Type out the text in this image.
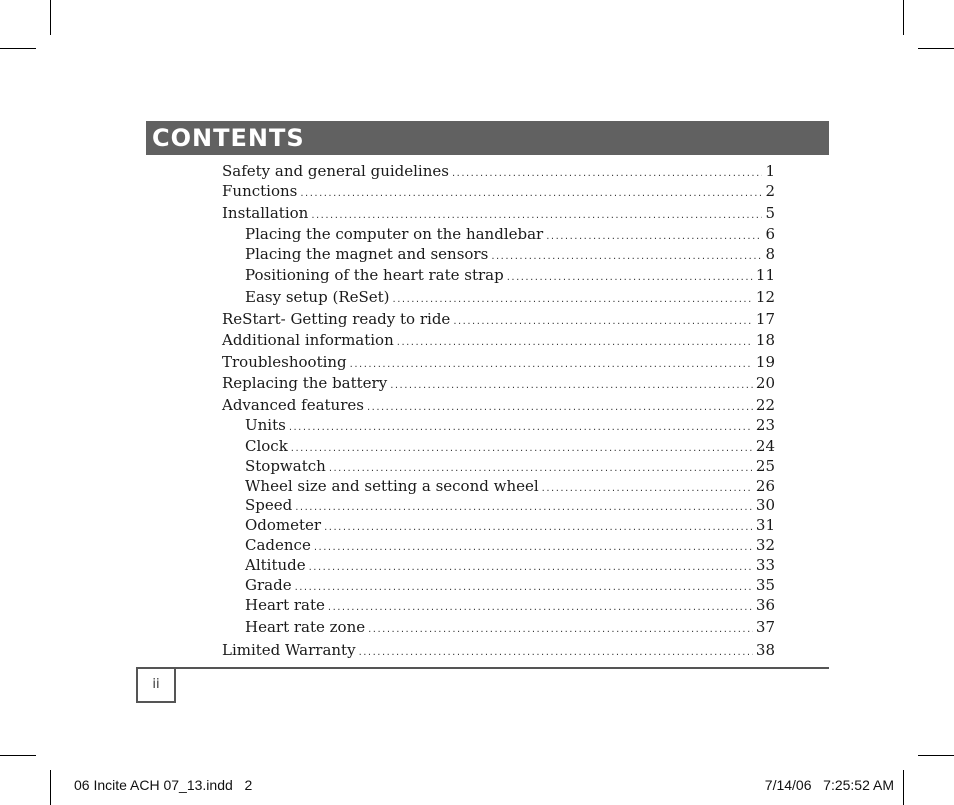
CONTENTS
Safety and general guidelines .....	1
Functions .....	2
Installation .....	5
Placing the computer on the handlebar .....	6
Placing the magnet and sensors .....	8
Positioning of the heart rate strap .....	11
Easy setup (ReSet) .....	12
ReStart- Getting ready to ride .....	17
Additional information .....	18
Troubleshooting .....	19
Replacing the battery .....	20
Advanced features .....	22
Units .....	23
Clock .....	24
Stopwatch .....	25
Wheel size and setting a second wheel .....	26
Speed .....	30
Odometer .....	31
Cadence .....	32
Altitude .....	33
Grade .....	35
Heart rate .....	36
Heart rate zone .....	37
Limited Warranty .....	38
ii
06 Incite ACH 07_13.indd   2	7/14/06   7:25:52 AM
